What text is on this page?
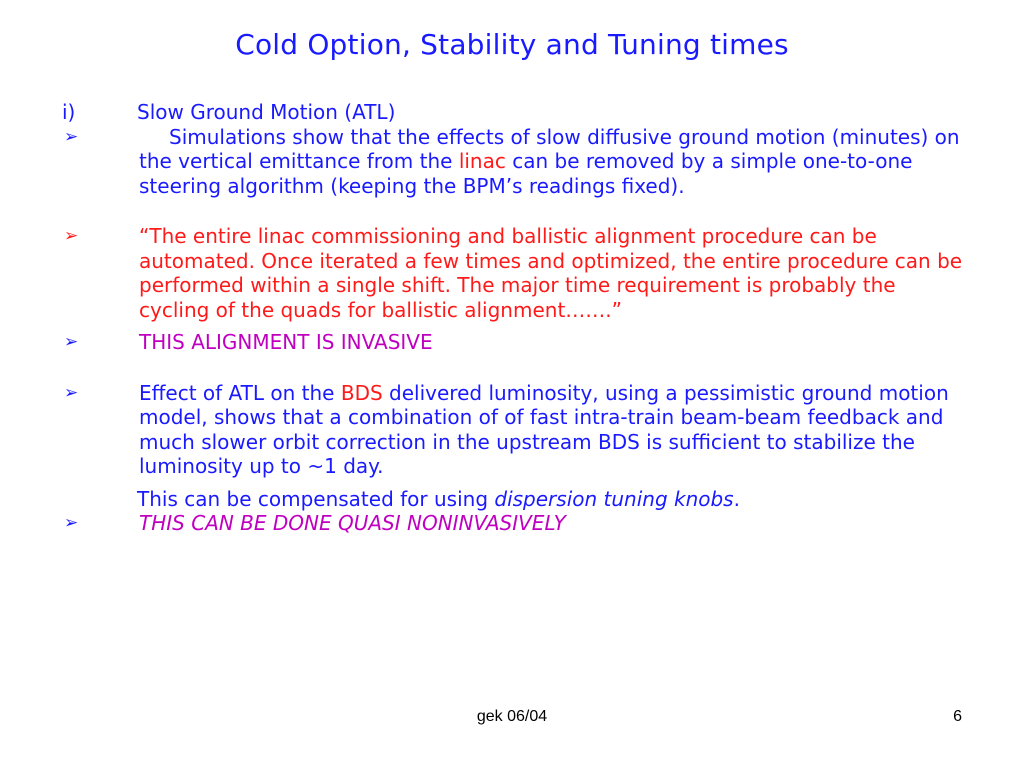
Cold Option, Stability and Tuning times
i)	Slow Ground Motion (ATL)
➢	Simulations show that the effects of slow diffusive ground motion (minutes) on the vertical emittance from the linac can be removed by a simple one-to-one steering algorithm (keeping the BPM’s readings fixed).
➢	“The entire linac commissioning and ballistic alignment procedure can be automated. Once iterated a few times and optimized, the entire procedure can be performed within a single shift. The major time requirement is probably the cycling of the quads for ballistic alignment…….”
➢	THIS ALIGNMENT IS INVASIVE
➢	Effect of ATL on the BDS delivered luminosity, using a pessimistic ground motion model, shows that a combination of of fast intra-train beam-beam feedback and much slower orbit correction in the upstream BDS is sufficient to stabilize the luminosity up to ~1 day.
This can be compensated for using dispersion tuning knobs.
➢	THIS CAN BE DONE QUASI NONINVASIVELY
gek 06/04	6
